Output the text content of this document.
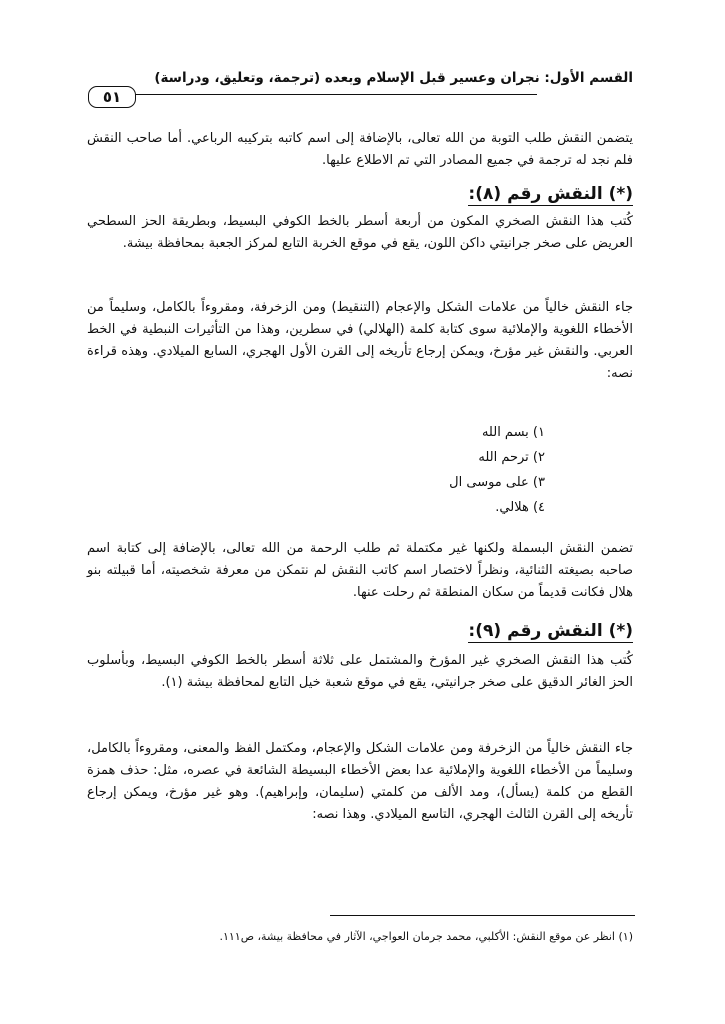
القسم الأول: نجران وعسير قبل الإسلام وبعده (ترجمة، وتعليق، ودراسة)
٥١
يتضمن النقش طلب التوبة من الله تعالى، بالإضافة إلى اسم كاتبه بتركيبه الرباعي. أما صاحب النقش فلم نجد له ترجمة في جميع المصادر التي تم الاطلاع عليها.
(*) النقش رقم (٨):
كُتب هذا النقش الصخري المكون من أربعة أسطر بالخط الكوفي البسيط، وبطريقة الحز السطحي العريض على صخر جرانيتي داكن اللون، يقع في موقع الخربة التابع لمركز الجعبة بمحافظة بيشة.
جاء النقش خالياً من علامات الشكل والإعجام (التنقيط) ومن الزخرفة، ومقروءاً بالكامل، وسليماً من الأخطاء اللغوية والإملائية سوى كتابة كلمة (الهلالي) في سطرين، وهذا من التأثيرات النبطية في الخط العربي. والنقش غير مؤرخ، ويمكن إرجاع تأريخه إلى القرن الأول الهجري، السابع الميلادي. وهذه قراءة نصه:
١) بسم الله
٢) ترحم الله
٣) على موسى ال
٤) هلالي.
تضمن النقش البسملة ولكنها غير مكتملة ثم طلب الرحمة من الله تعالى، بالإضافة إلى كتابة اسم صاحبه بصيغته الثنائية، ونظراً لاختصار اسم كاتب النقش لم نتمكن من معرفة شخصيته، أما قبيلته بنو هلال فكانت قديماً من سكان المنطقة ثم رحلت عنها.
(*) النقش رقم (٩):
كُتب هذا النقش الصخري غير المؤرخ والمشتمل على ثلاثة أسطر بالخط الكوفي البسيط، وبأسلوب الحز الغائر الدقيق على صخر جرانيتي، يقع في موقع شعبة خيل التابع لمحافظة بيشة (١).
جاء النقش خالياً من الزخرفة ومن علامات الشكل والإعجام، ومكتمل الفظ والمعنى، ومقروءاً بالكامل، وسليماً من الأخطاء اللغوية والإملائية عدا بعض الأخطاء البسيطة الشائعة في عصره، مثل: حذف همزة القطع من كلمة (يسأل)، ومد الألف من كلمتي (سليمان، وإبراهيم). وهو غير مؤرخ، ويمكن إرجاع تأريخه إلى القرن الثالث الهجري، التاسع الميلادي. وهذا نصه:
(١) انظر عن موقع النقش: الأكلبي، محمد جرمان العواجي، الآثار في محافظة بيشة، ص١١١.
